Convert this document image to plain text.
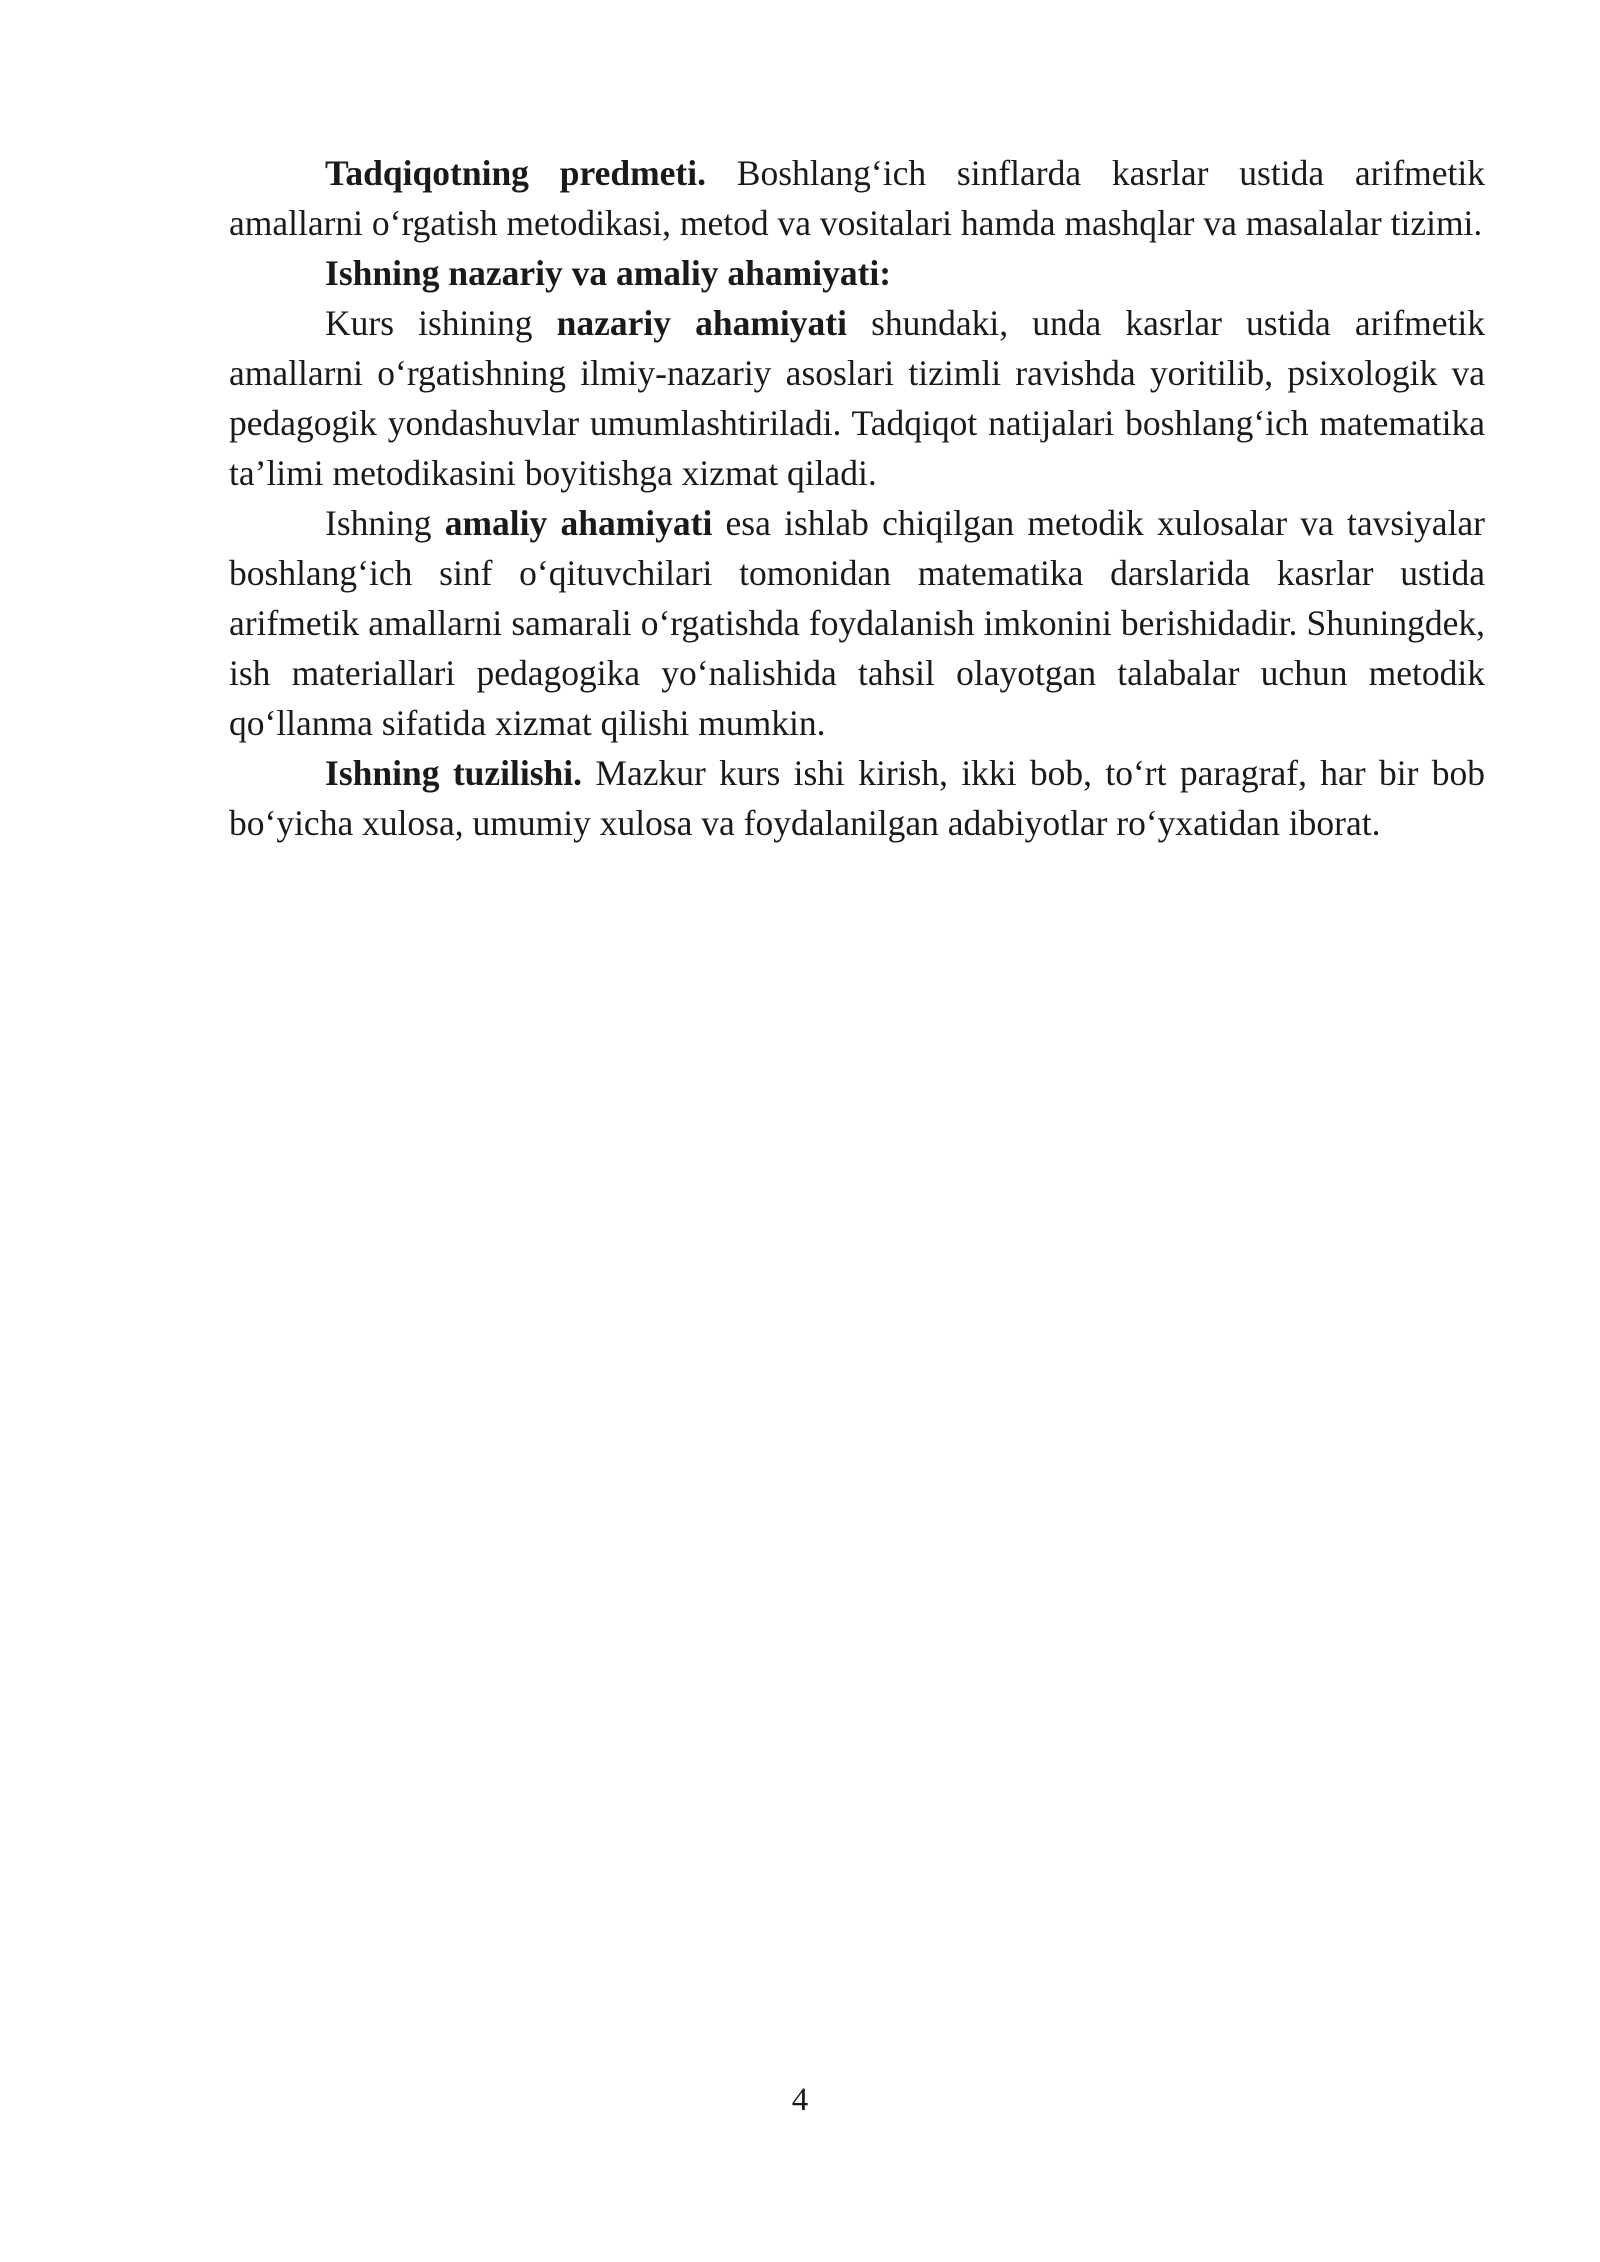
Tadqiqotning predmeti. Boshlang‘ich sinflarda kasrlar ustida arifmetik amallarni o‘rgatish metodikasi, metod va vositalari hamda mashqlar va masalalar tizimi.

Ishning nazariy va amaliy ahamiyati:

Kurs ishining nazariy ahamiyati shundaki, unda kasrlar ustida arifmetik amallarni o‘rgatishning ilmiy-nazariy asoslari tizimli ravishda yoritilib, psixologik va pedagogik yondashuvlar umumlashtiriladi. Tadqiqot natijalari boshlang‘ich matematika ta’limi metodikasini boyitishga xizmat qiladi.

Ishning amaliy ahamiyati esa ishlab chiqilgan metodik xulosalar va tavsiyalar boshlang‘ich sinf o‘qituvchilari tomonidan matematika darslarida kasrlar ustida arifmetik amallarni samarali o‘rgatishda foydalanish imkonini berishidadir. Shuningdek, ish materiallari pedagogika yo‘nalishida tahsil olayotgan talabalar uchun metodik qo‘llanma sifatida xizmat qilishi mumkin.

Ishning tuzilishi. Mazkur kurs ishi kirish, ikki bob, to‘rt paragraf, har bir bob bo‘yicha xulosa, umumiy xulosa va foydalanilgan adabiyotlar ro‘yxatidan iborat.

4
